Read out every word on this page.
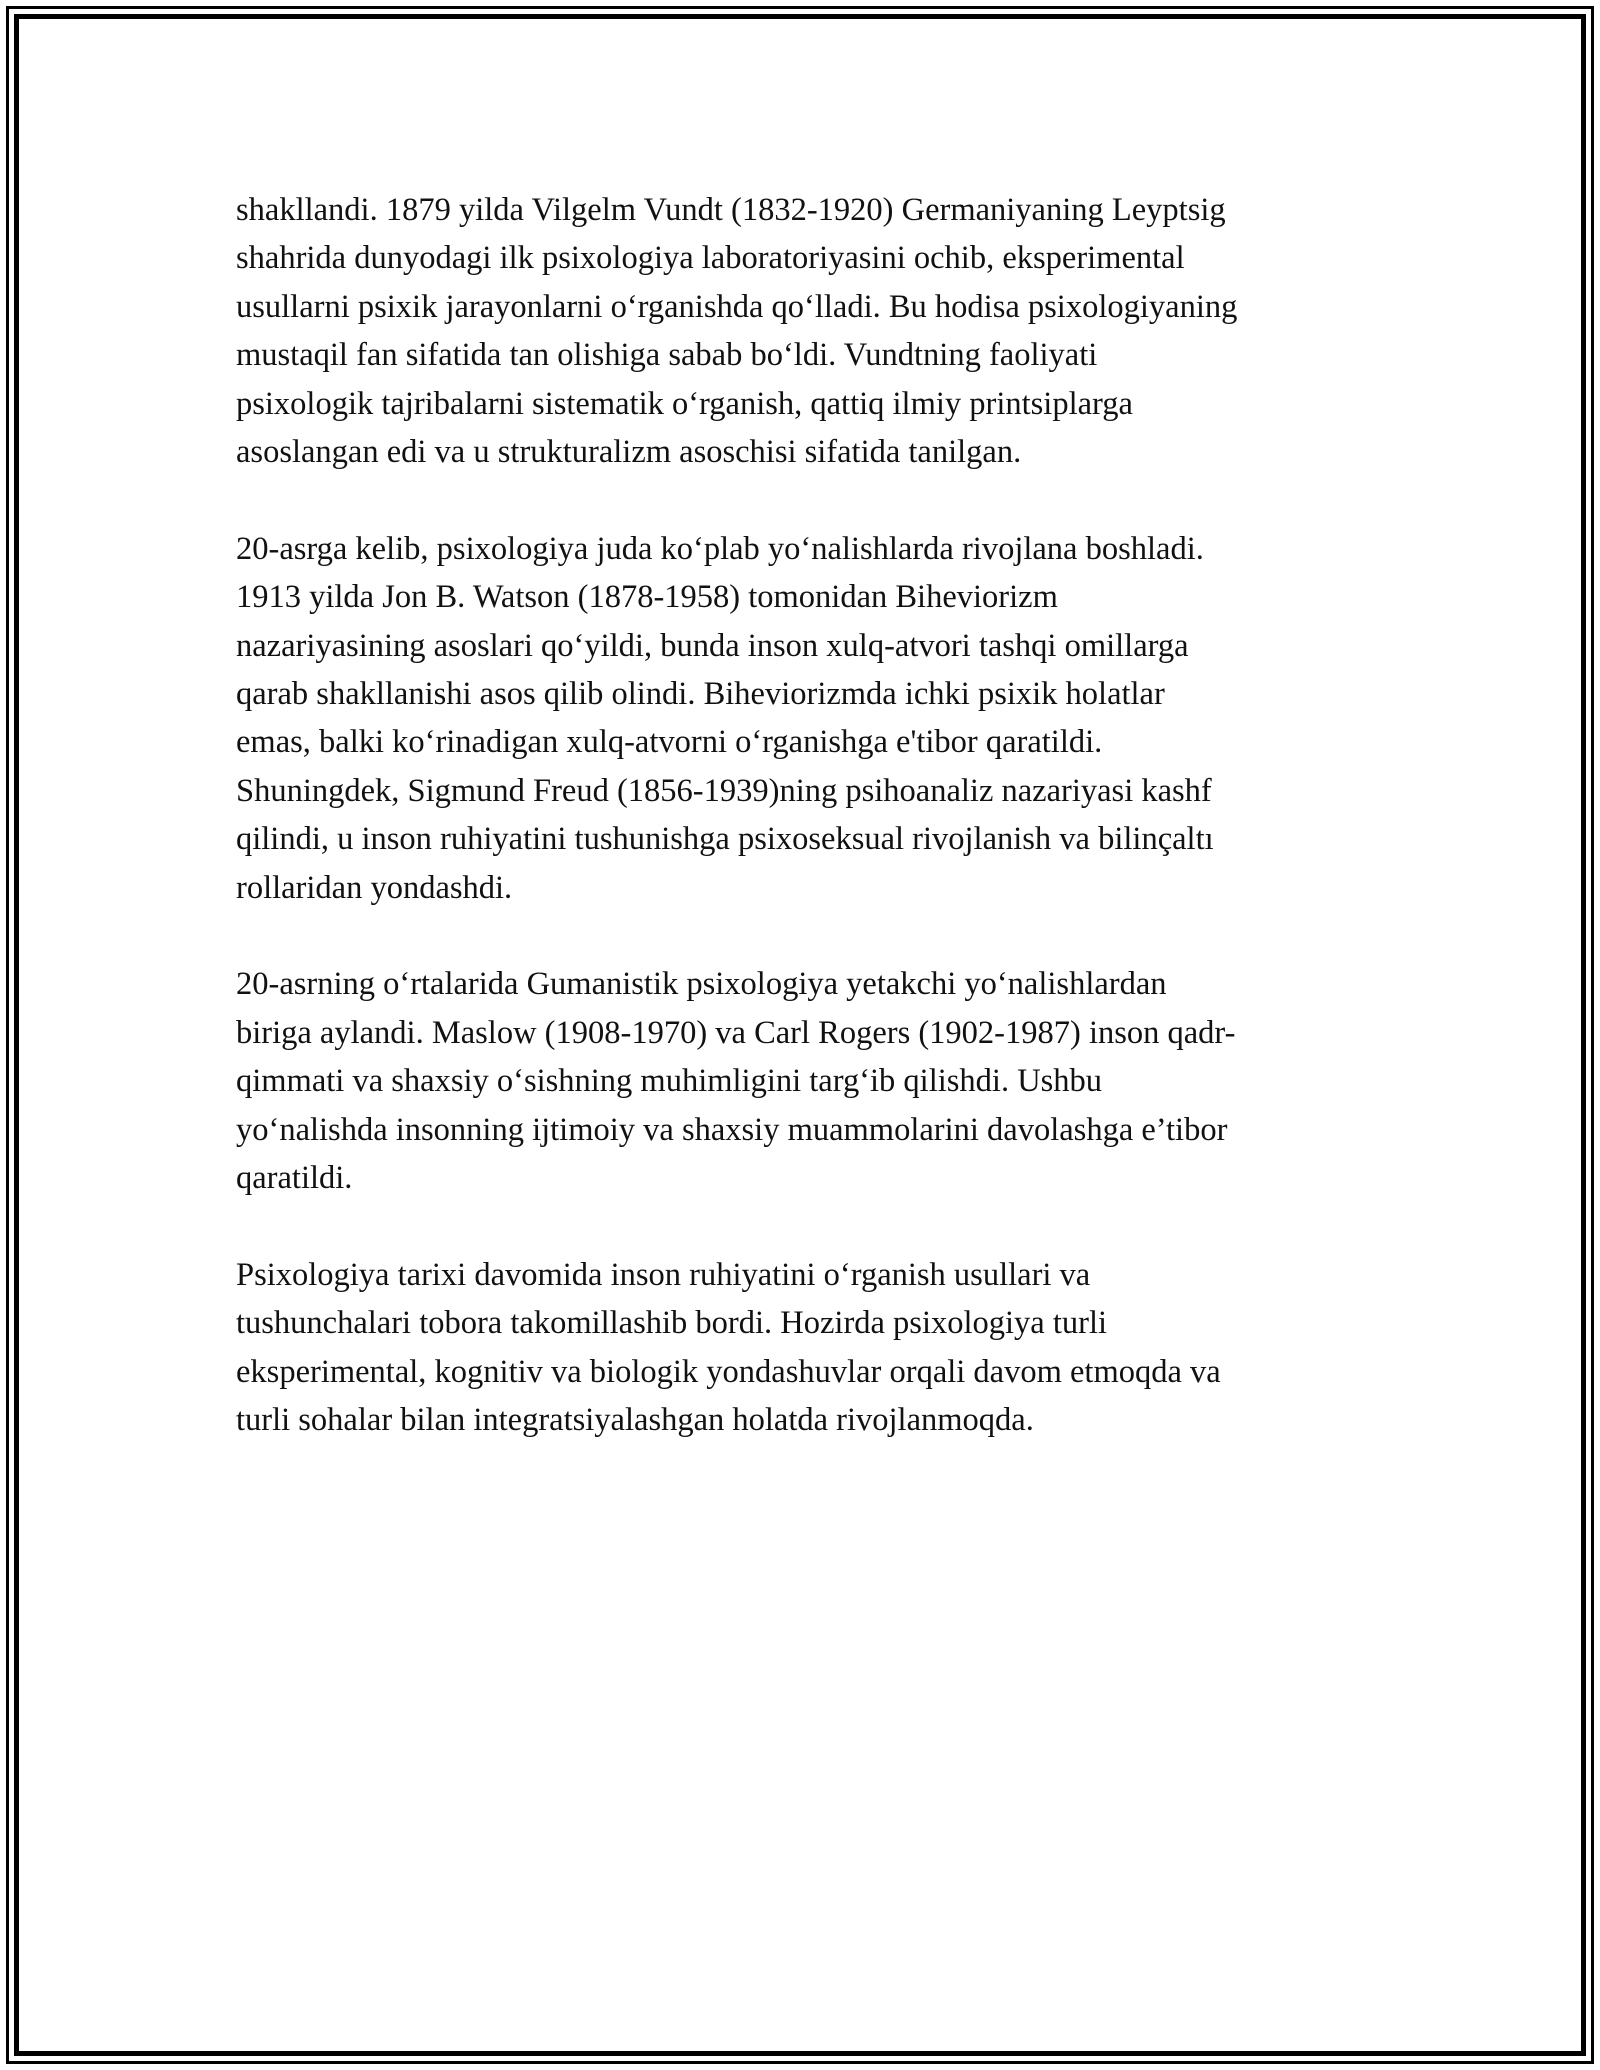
shakllandi. 1879 yilda Vilgelm Vundt (1832-1920) Germaniyaning Leyptsig
shahrida dunyodagi ilk psixologiya laboratoriyasini ochib, eksperimental
usullarni psixik jarayonlarni o‘rganishda qo‘lladi. Bu hodisa psixologiyaning
mustaqil fan sifatida tan olishiga sabab bo‘ldi. Vundtning faoliyati
psixologik tajribalarni sistematik o‘rganish, qattiq ilmiy printsiplarga
asoslangan edi va u strukturalizm asoschisi sifatida tanilgan.

20-asrga kelib, psixologiya juda ko‘plab yo‘nalishlarda rivojlana boshladi.
1913 yilda Jon B. Watson (1878-1958) tomonidan Biheviorizm
nazariyasining asoslari qo‘yildi, bunda inson xulq-atvori tashqi omillarga
qarab shakllanishi asos qilib olindi. Biheviorizmda ichki psixik holatlar
emas, balki ko‘rinadigan xulq-atvorni o‘rganishga e'tibor qaratildi.
Shuningdek, Sigmund Freud (1856-1939)ning psihoanaliz nazariyasi kashf
qilindi, u inson ruhiyatini tushunishga psixoseksual rivojlanish va bilinçaltı
rollaridan yondashdi.

20-asrning o‘rtalarida Gumanistik psixologiya yetakchi yo‘nalishlardan
biriga aylandi. Maslow (1908-1970) va Carl Rogers (1902-1987) inson qadr-
qimmati va shaxsiy o‘sishning muhimligini targ‘ib qilishdi. Ushbu
yo‘nalishda insonning ijtimoiy va shaxsiy muammolarini davolashga e’tibor
qaratildi.

Psixologiya tarixi davomida inson ruhiyatini o‘rganish usullari va
tushunchalari tobora takomillashib bordi. Hozirda psixologiya turli
eksperimental, kognitiv va biologik yondashuvlar orqali davom etmoqda va
turli sohalar bilan integratsiyalashgan holatda rivojlanmoqda.
